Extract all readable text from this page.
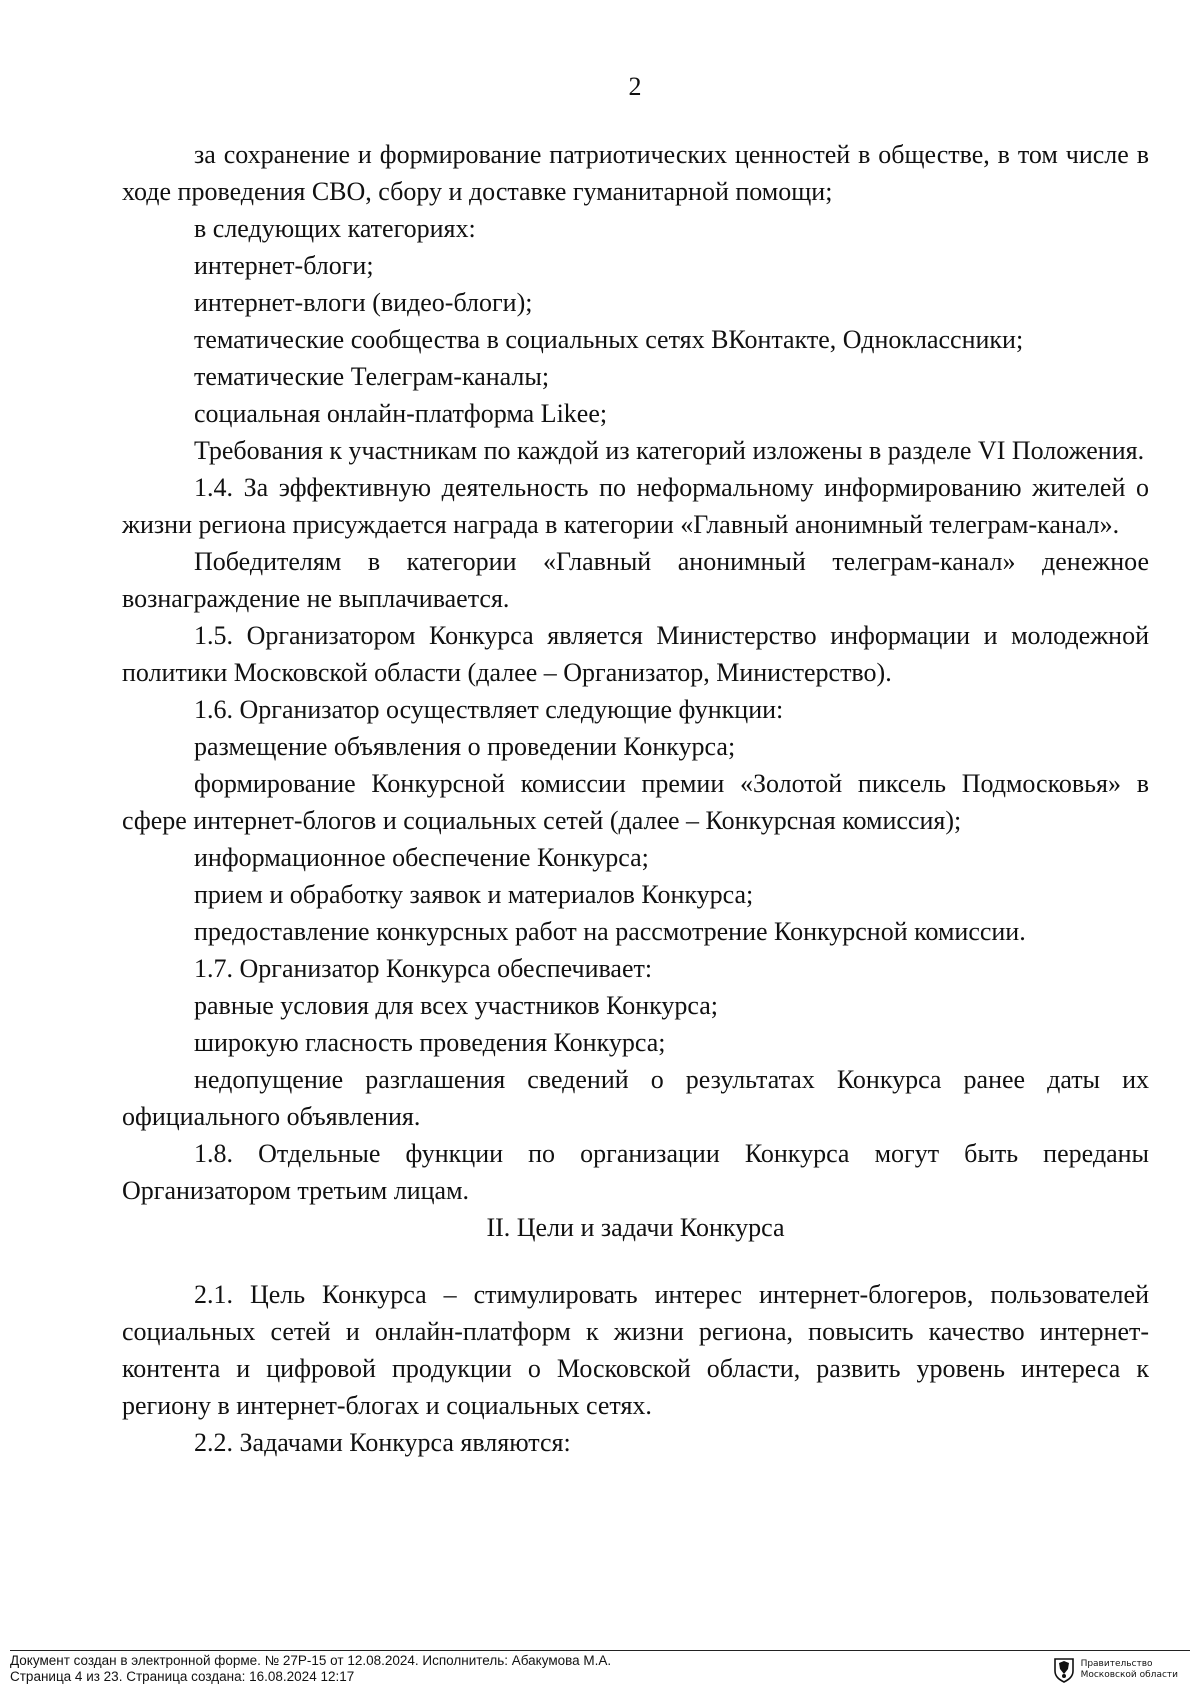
2

за сохранение и формирование патриотических ценностей в обществе, в том числе в ходе проведения СВО, сбору и доставке гуманитарной помощи;

в следующих категориях:

интернет-блоги;

интернет-влоги (видео-блоги);

тематические сообщества в социальных сетях ВКонтакте, Одноклассники;

тематические Телеграм-каналы;

социальная онлайн-платформа Likee;

Требования к участникам по каждой из категорий изложены в разделе VI Положения.

1.4. За эффективную деятельность по неформальному информированию жителей о жизни региона присуждается награда в категории «Главный анонимный телеграм-канал».

Победителям в категории «Главный анонимный телеграм-канал» денежное вознаграждение не выплачивается.

1.5. Организатором Конкурса является Министерство информации и молодежной политики Московской области (далее – Организатор, Министерство).

1.6. Организатор осуществляет следующие функции:

размещение объявления о проведении Конкурса;

формирование Конкурсной комиссии премии «Золотой пиксель Подмосковья» в сфере интернет-блогов и социальных сетей (далее – Конкурсная комиссия);

информационное обеспечение Конкурса;

прием и обработку заявок и материалов Конкурса;

предоставление конкурсных работ на рассмотрение Конкурсной комиссии.

1.7. Организатор Конкурса обеспечивает:

равные условия для всех участников Конкурса;

широкую гласность проведения Конкурса;

недопущение разглашения сведений о результатах Конкурса ранее даты их официального объявления.

1.8. Отдельные функции по организации Конкурса могут быть переданы Организатором третьим лицам.

II. Цели и задачи Конкурса

2.1. Цель Конкурса – стимулировать интерес интернет-блогеров, пользователей социальных сетей и онлайн-платформ к жизни региона, повысить качество интернет-контента и цифровой продукции о Московской области, развить уровень интереса к региону в интернет-блогах и социальных сетях.

2.2. Задачами Конкурса являются:

Документ создан в электронной форме. № 27Р-15 от 12.08.2024. Исполнитель: Абакумова М.А.
Страница 4 из 23. Страница создана: 16.08.2024 12:17
Правительство
Московской области
